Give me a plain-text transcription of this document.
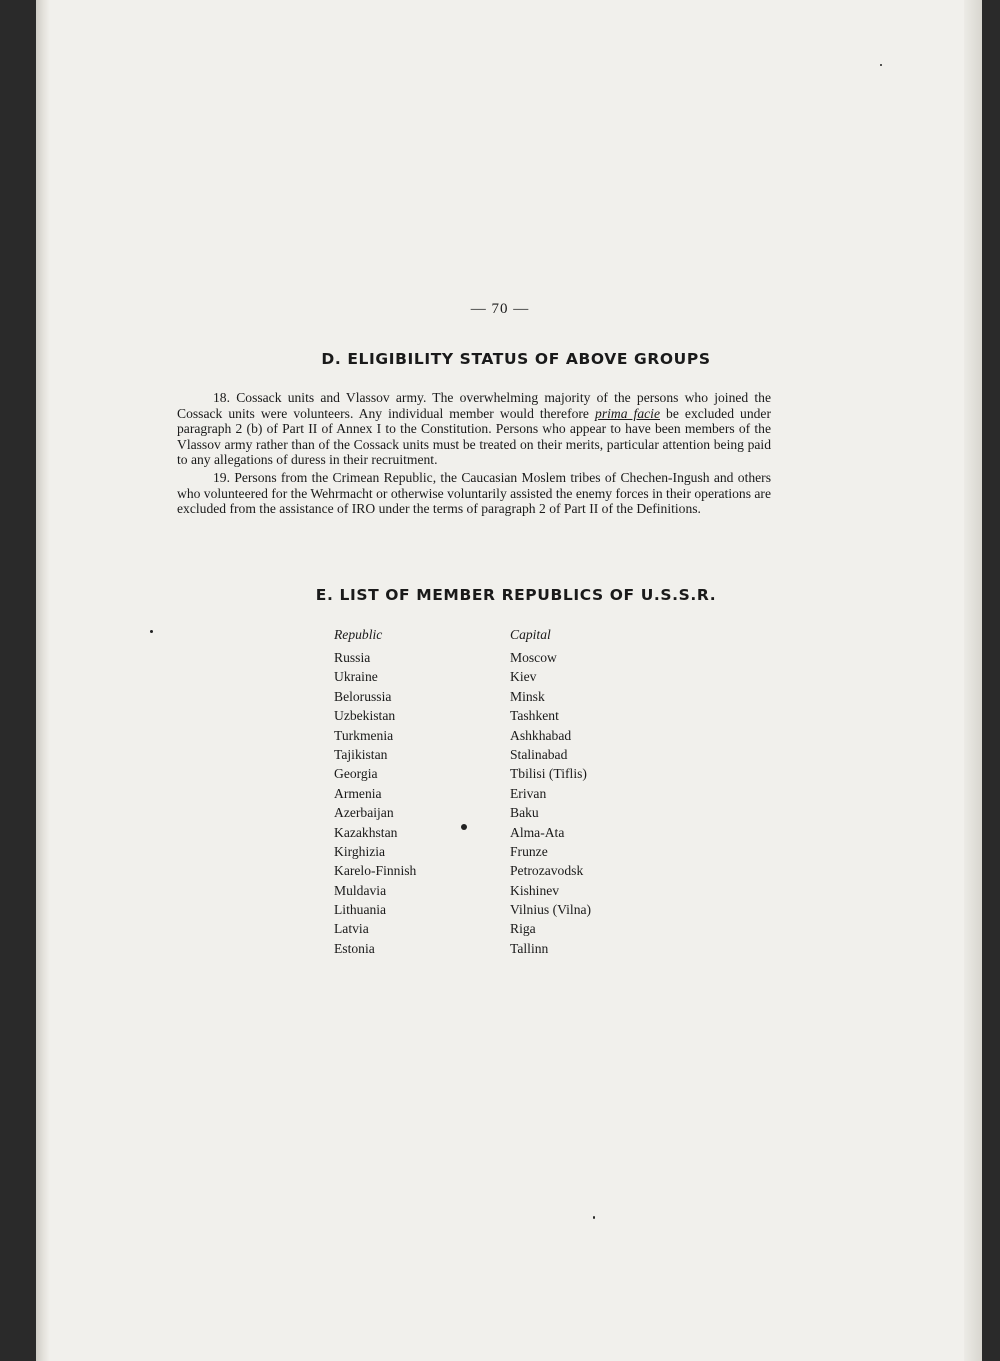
— 70 —
D. ELIGIBILITY STATUS OF ABOVE GROUPS

18. Cossack units and Vlassov army. The overwhelming majority of the persons who joined the Cossack units were volunteers. Any individual member would therefore prima facie be excluded under paragraph 2 (b) of Part II of Annex I to the Constitution. Persons who appear to have been members of the Vlassov army rather than of the Cossack units must be treated on their merits, particular attention being paid to any allegations of duress in their recruitment.

19. Persons from the Crimean Republic, the Caucasian Moslem tribes of Chechen-Ingush and others who volunteered for the Wehrmacht or otherwise voluntarily assisted the enemy forces in their operations are excluded from the assistance of IRO under the terms of paragraph 2 of Part II of the Definitions.

E. LIST OF MEMBER REPUBLICS OF U.S.S.R.
Republic	Capital
Russia
Ukraine
Belorussia
Uzbekistan
Turkmenia
Tajikistan
Georgia
Armenia
Azerbaijan
Kazakhstan
Kirghizia
Karelo-Finnish
Muldavia
Lithuania
Latvia
Estonia
Moscow
Kiev
Minsk
Tashkent
Ashkhabad
Stalinabad
Tbilisi (Tiflis)
Erivan
Baku
Alma-Ata
Frunze
Petrozavodsk
Kishinev
Vilnius (Vilna)
Riga
Tallinn
